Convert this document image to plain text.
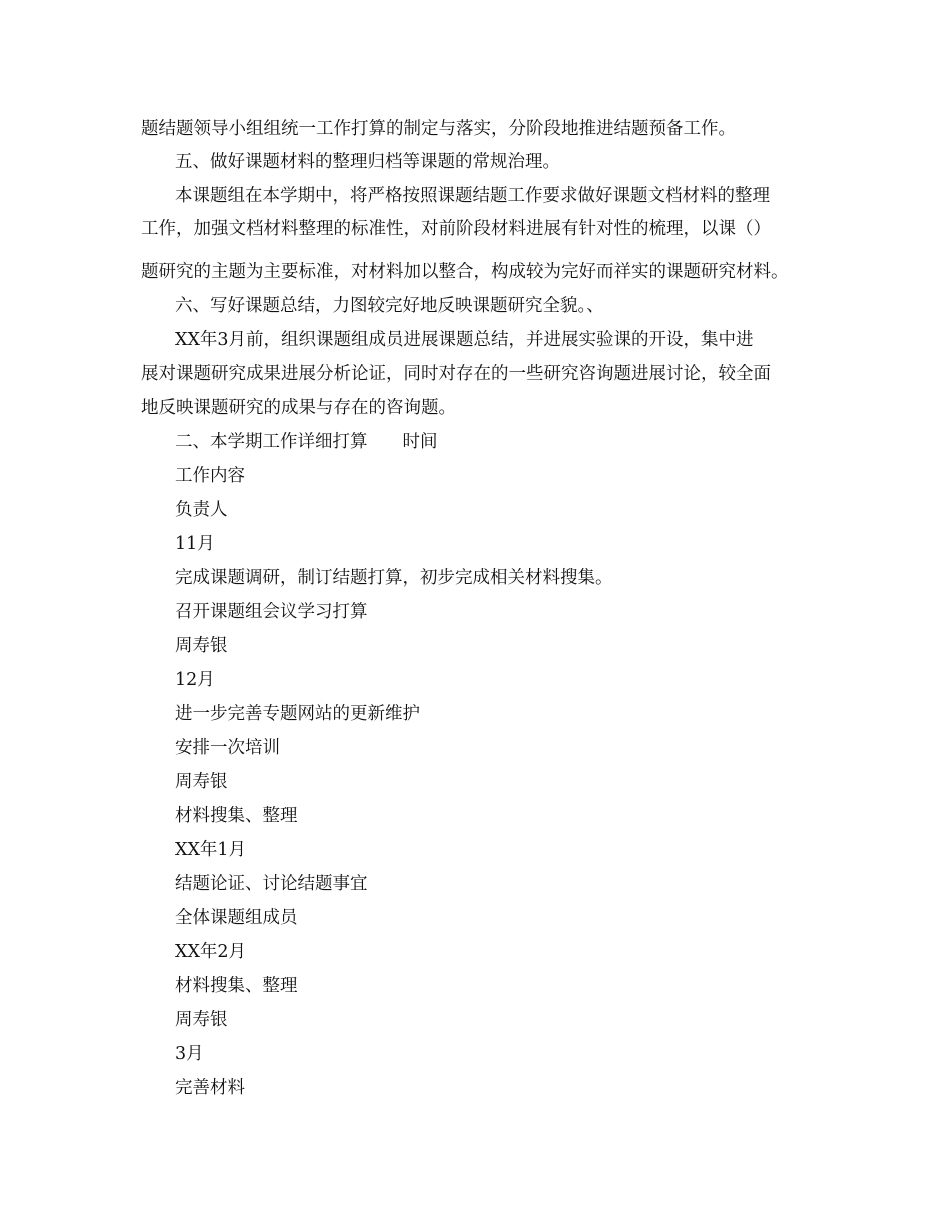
题结题领导小组组统一工作打算的制定与落实，分阶段地推进结题预备工作。
五、做好课题材料的整理归档等课题的常规治理。
本课题组在本学期中，将严格按照课题结题工作要求做好课题文档材料的整理
工作，加强文档材料整理的标准性，对前阶段材料进展有针对性的梳理，以课（）
题研究的主题为主要标准，对材料加以整合，构成较为完好而祥实的课题研究材料。
六、写好课题总结，力图较完好地反映课题研究全貌。、
XX年3月前，组织课题组成员进展课题总结，并进展实验课的开设，集中进
展对课题研究成果进展分析论证，同时对存在的一些研究咨询题进展讨论，较全面
地反映课题研究的成果与存在的咨询题。
二、本学期工作详细打算　　时间
工作内容
负责人
11月
完成课题调研，制订结题打算，初步完成相关材料搜集。
召开课题组会议学习打算
周寿银
12月
进一步完善专题网站的更新维护
安排一次培训
周寿银
材料搜集、整理
XX年1月
结题论证、讨论结题事宜
全体课题组成员
XX年2月
材料搜集、整理
周寿银
3月
完善材料
